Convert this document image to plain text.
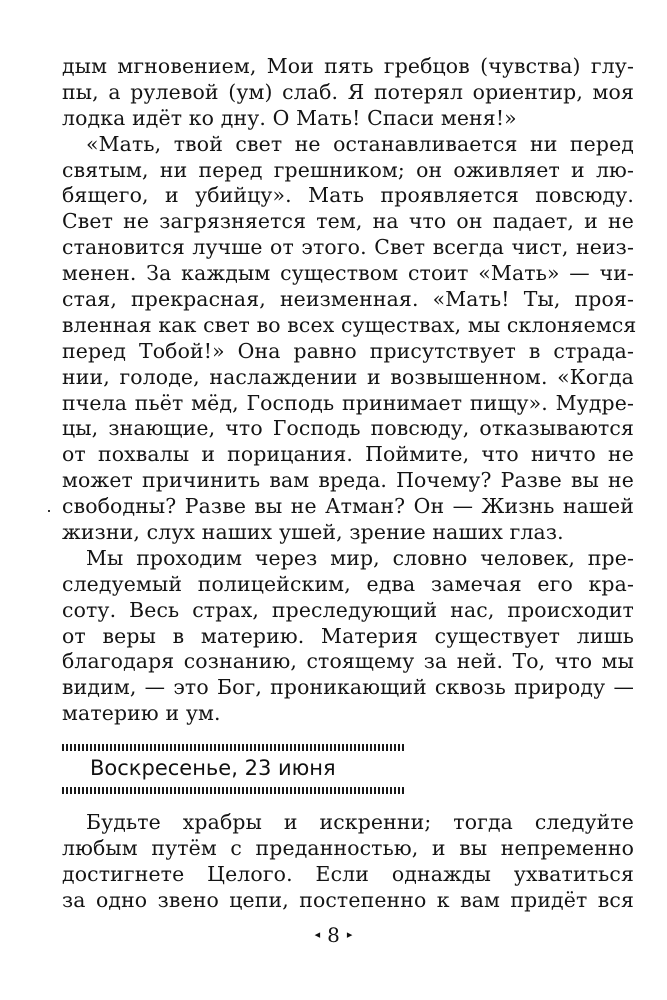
дым мгновением, Мои пять гребцов (чувства) глу-
пы, а рулевой (ум) слаб. Я потерял ориентир, моя
лодка идёт ко дну. О Мать! Спаси меня!»
«Мать, твой свет не останавливается ни перед
святым, ни перед грешником; он оживляет и лю-
бящего, и убийцу». Мать проявляется повсюду.
Свет не загрязняется тем, на что он падает, и не
становится лучше от этого. Свет всегда чист, неиз-
менен. За каждым существом стоит «Мать» — чи-
стая, прекрасная, неизменная. «Мать! Ты, проя-
вленная как свет во всех существах, мы склоняемся
перед Тобой!» Она равно присутствует в страда-
нии, голоде, наслаждении и возвышенном. «Когда
пчела пьёт мёд, Господь принимает пищу». Мудре-
цы, знающие, что Господь повсюду, отказываются
от похвалы и порицания. Поймите, что ничто не
может причинить вам вреда. Почему? Разве вы не
свободны? Разве вы не Атман? Он — Жизнь нашей
жизни, слух наших ушей, зрение наших глаз.
Мы проходим через мир, словно человек, пре-
следуемый полицейским, едва замечая его кра-
соту. Весь страх, преследующий нас, происходит
от веры в материю. Материя существует лишь
благодаря сознанию, стоящему за ней. То, что мы
видим, — это Бог, проникающий сквозь природу —
материю и ум.
Воскресенье, 23 июня
Будьте храбры и искренни; тогда следуйте
любым путём с преданностью, и вы непременно
достигнете Целого. Если однажды ухватиться
за одно звено цепи, постепенно к вам придёт вся
◂ 8 ▸
